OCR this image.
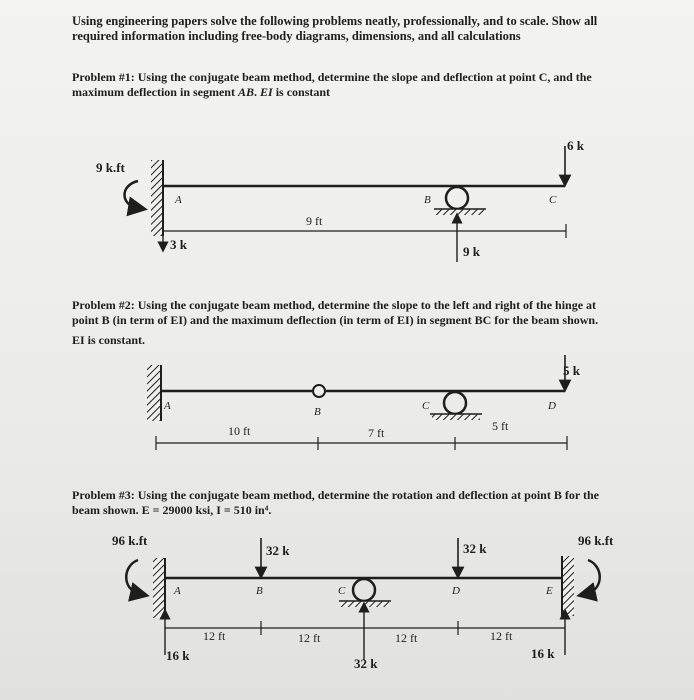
Using engineering papers solve the following problems neatly, professionally, and to scale. Show all
required information including free-body diagrams, dimensions, and all calculations
Problem #1: Using the conjugate beam method, determine the slope and deflection at point C, and the
maximum deflection in segment AB. EI is constant
Problem #2: Using the conjugate beam method, determine the slope to the left and right of the hinge at
point B (in term of EI) and the maximum deflection (in term of EI) in segment BC for the beam shown.
EI is constant.
Problem #3: Using the conjugate beam method, determine the rotation and deflection at point B for the
beam shown. E = 29000 ksi, I = 510 in⁴.
9 k.ft
6 k
A	B	C
9 ft
3 k	9 k
5 k
A	B	C	D
10 ft	7 ft	5 ft
96 k.ft	96 k.ft
32 k	32 k
A	B	C	D	E
12 ft	12 ft	12 ft	12 ft
16 k
32 k
16 k
